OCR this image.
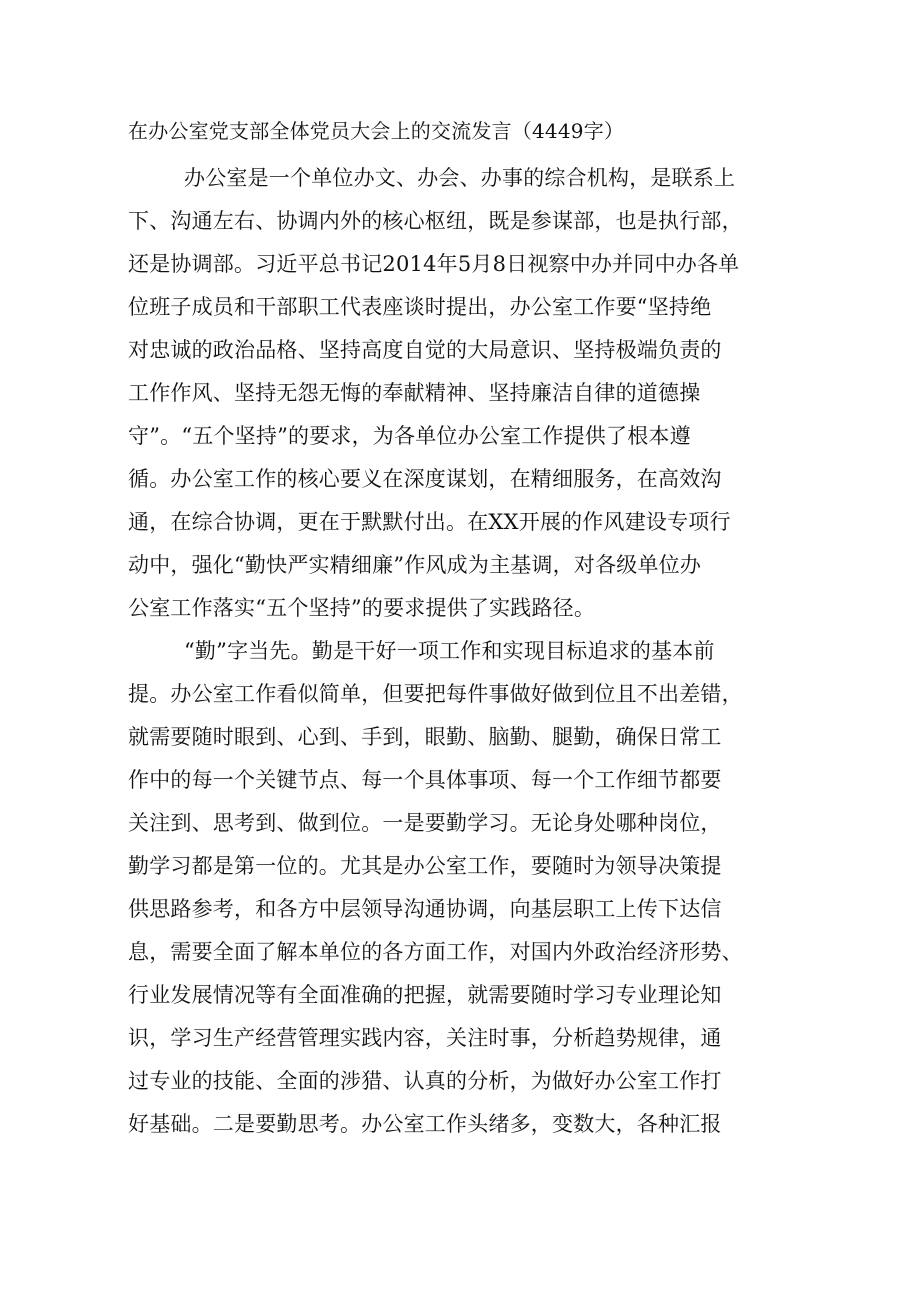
在办公室党支部全体党员大会上的交流发言（4449字）
办公室是一个单位办文、办会、办事的综合机构，是联系上
下、沟通左右、协调内外的核心枢纽，既是参谋部，也是执行部，
还是协调部。习近平总书记2014年5月8日视察中办并同中办各单
位班子成员和干部职工代表座谈时提出，办公室工作要“坚持绝
对忠诚的政治品格、坚持高度自觉的大局意识、坚持极端负责的
工作作风、坚持无怨无悔的奉献精神、坚持廉洁自律的道德操
守”。“五个坚持”的要求，为各单位办公室工作提供了根本遵
循。办公室工作的核心要义在深度谋划，在精细服务，在高效沟
通，在综合协调，更在于默默付出。在XX开展的作风建设专项行
动中，强化“勤快严实精细廉”作风成为主基调，对各级单位办
公室工作落实“五个坚持”的要求提供了实践路径。
“勤”字当先。勤是干好一项工作和实现目标追求的基本前
提。办公室工作看似简单，但要把每件事做好做到位且不出差错，
就需要随时眼到、心到、手到，眼勤、脑勤、腿勤，确保日常工
作中的每一个关键节点、每一个具体事项、每一个工作细节都要
关注到、思考到、做到位。一是要勤学习。无论身处哪种岗位，
勤学习都是第一位的。尤其是办公室工作，要随时为领导决策提
供思路参考，和各方中层领导沟通协调，向基层职工上传下达信
息，需要全面了解本单位的各方面工作，对国内外政治经济形势、
行业发展情况等有全面准确的把握，就需要随时学习专业理论知
识，学习生产经营管理实践内容，关注时事，分析趋势规律，通
过专业的技能、全面的涉猎、认真的分析，为做好办公室工作打
好基础。二是要勤思考。办公室工作头绪多，变数大，各种汇报
